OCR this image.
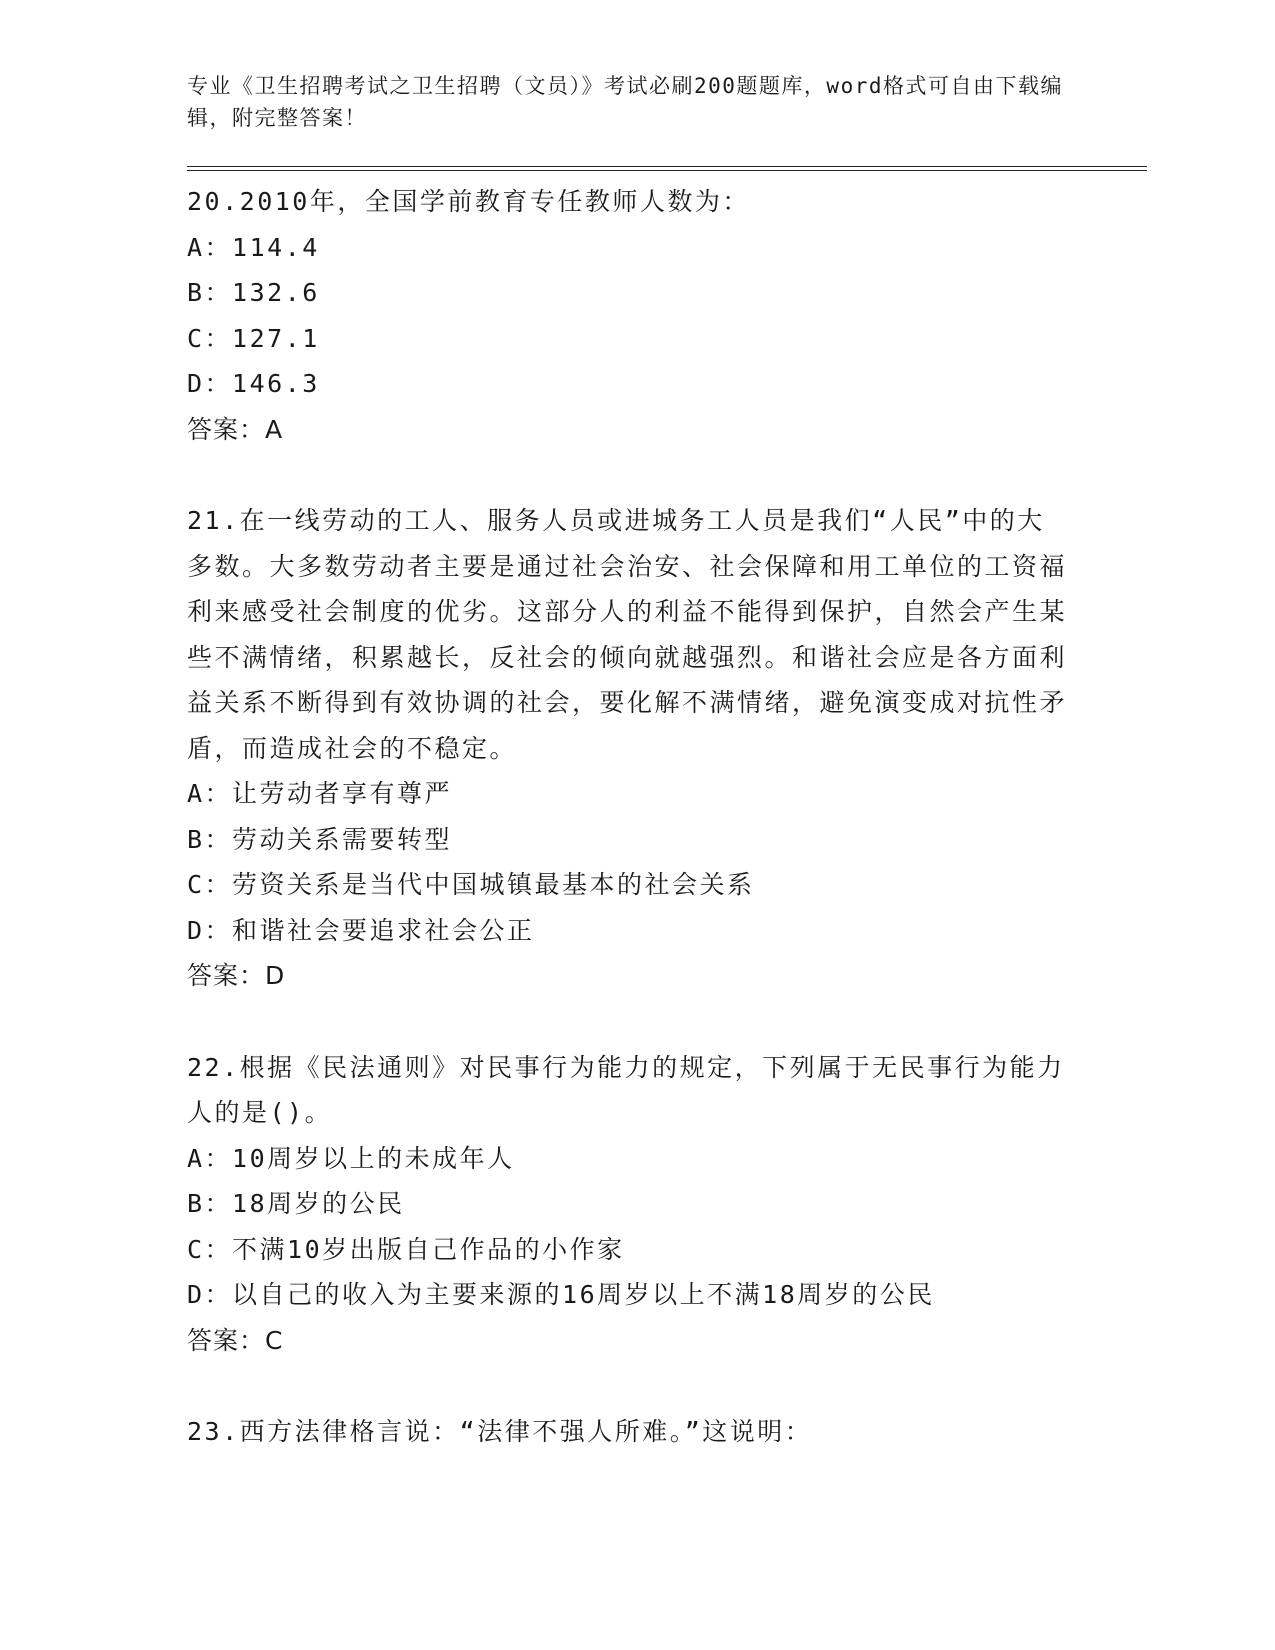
专业《卫生招聘考试之卫生招聘（文员）》考试必刷200题题库，word格式可自由下载编辑，附完整答案！

20.2010年，全国学前教育专任教师人数为：

A：114.4

B：132.6

C：127.1

D：146.3

答案：A

21.在一线劳动的工人、服务人员或进城务工人员是我们“人民”中的大多数。大多数劳动者主要是通过社会治安、社会保障和用工单位的工资福利来感受社会制度的优劣。这部分人的利益不能得到保护，自然会产生某些不满情绪，积累越长，反社会的倾向就越强烈。和谐社会应是各方面利益关系不断得到有效协调的社会，要化解不满情绪，避免演变成对抗性矛盾，而造成社会的不稳定。

A：让劳动者享有尊严

B：劳动关系需要转型

C：劳资关系是当代中国城镇最基本的社会关系

D：和谐社会要追求社会公正

答案：D

22.根据《民法通则》对民事行为能力的规定，下列属于无民事行为能力人的是()。

A：10周岁以上的未成年人

B：18周岁的公民

C：不满10岁出版自己作品的小作家

D：以自己的收入为主要来源的16周岁以上不满18周岁的公民

答案：C

23.西方法律格言说：“法律不强人所难。”这说明：
